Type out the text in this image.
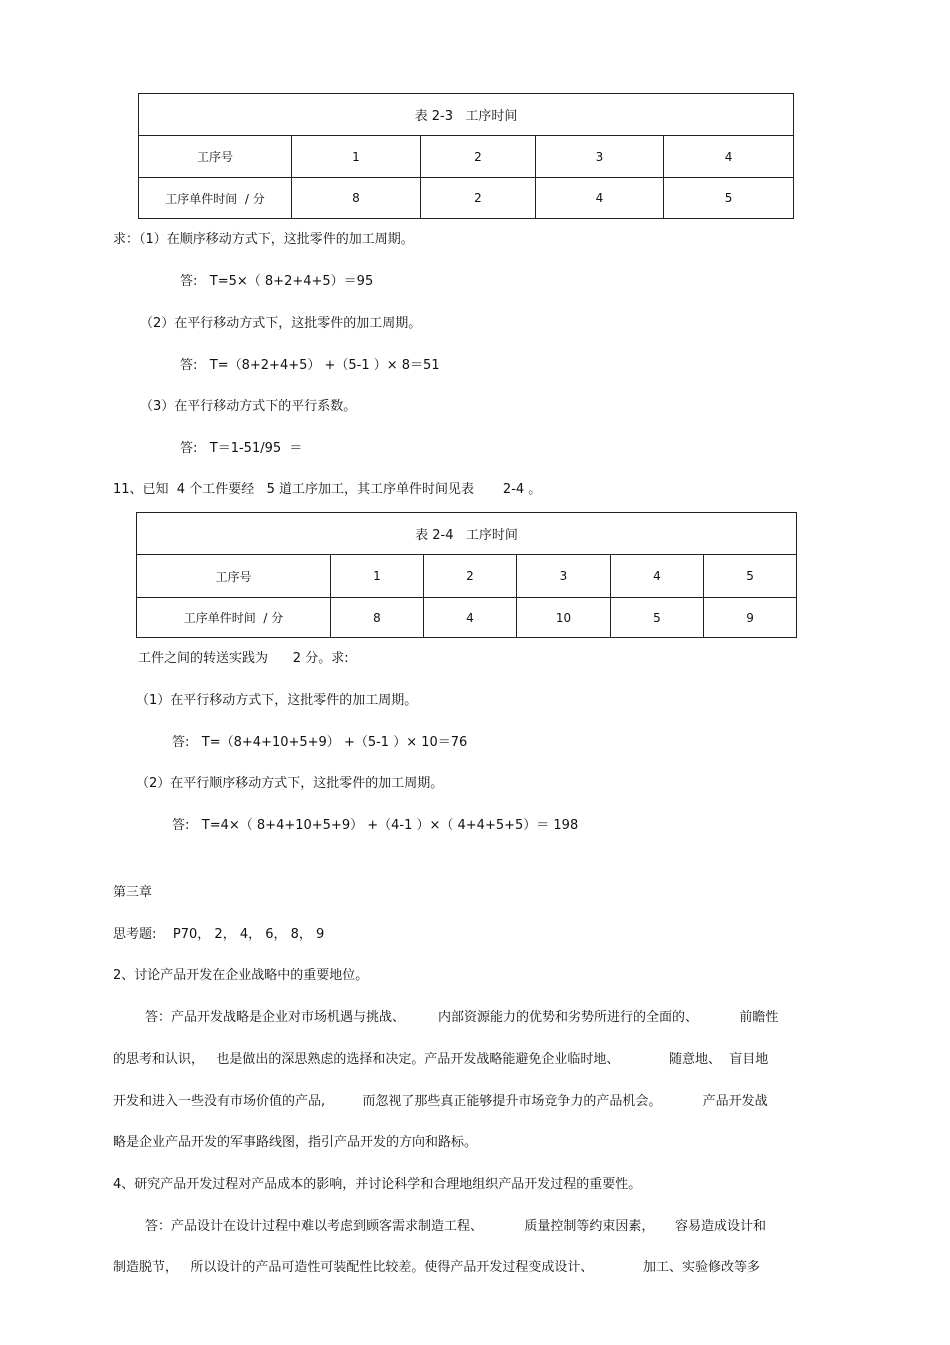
表 2-3   工序时间				
工序号	1	2	3	4
工序单件时间  / 分	8	2	4	5
求：（1）在顺序移动方式下，这批零件的加工周期。
答:   T=5×（ 8+2+4+5）＝95
（2）在平行移动方式下，这批零件的加工周期。
答:   T=（8+2+4+5） +（5-1 ）× 8＝51
（3）在平行移动方式下的平行系数。
答:   T＝1-51/95  ＝
11、已知  4 个工件要经   5 道工序加工，其工序单件时间见表       2-4 。
表 2-4   工序时间					
工序号	1	2	3	4	5
工序单件时间  / 分	8	4	10	5	9
工件之间的转送实践为      2 分。求:
（1）在平行移动方式下，这批零件的加工周期。
答:   T=（8+4+10+5+9） +（5-1 ）× 10＝76
（2）在平行顺序移动方式下，这批零件的加工周期。
答:   T=4×（ 8+4+10+5+9） +（4-1 ）×（ 4+4+5+5）＝ 198
第三章
思考题:    P70， 2， 4， 6， 8， 9
2、讨论产品开发在企业战略中的重要地位。
答：产品开发战略是企业对市场机遇与挑战、        内部资源能力的优势和劣势所进行的全面的、          前瞻性
的思考和认识，   也是做出的深思熟虑的选择和决定。产品开发战略能避免企业临时地、            随意地、  盲目地
开发和进入一些没有市场价值的产品,         而忽视了那些真正能够提升市场竞争力的产品机会。          产品开发战
略是企业产品开发的军事路线图，指引产品开发的方向和路标。
4、研究产品开发过程对产品成本的影响，并讨论科学和合理地组织产品开发过程的重要性。
答：产品设计在设计过程中难以考虑到顾客需求制造工程、          质量控制等约束因素，     容易造成设计和
制造脱节，   所以设计的产品可造性可装配性比较差。使得产品开发过程变成设计、            加工、实验修改等多
